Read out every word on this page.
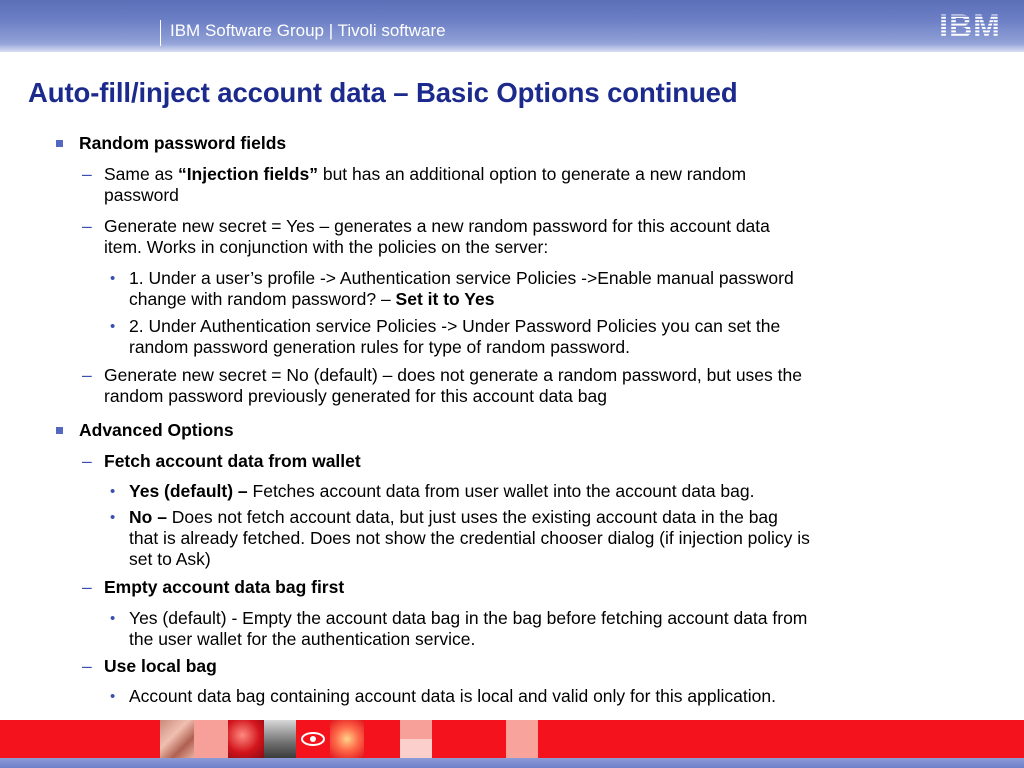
IBM Software Group | Tivoli software	IBM
Auto-fill/inject account data – Basic Options continued
Random password fields
– Same as “Injection fields” but has an additional option to generate a new random
password
– Generate new secret = Yes – generates a new random password for this account data
item. Works in conjunction with the policies on the server:
• 1. Under a user’s profile -> Authentication service Policies ->Enable manual password
change with random password? – Set it to Yes
• 2. Under Authentication service Policies -> Under Password Policies you can set the
random password generation rules for type of random password.
– Generate new secret = No (default) – does not generate a random password, but uses the
random password previously generated for this account data bag
Advanced Options
– Fetch account data from wallet
• Yes (default) – Fetches account data from user wallet into the account data bag.
• No – Does not fetch account data, but just uses the existing account data in the bag
that is already fetched. Does not show the credential chooser dialog (if injection policy is
set to Ask)
– Empty account data bag first
• Yes (default) - Empty the account data bag in the bag before fetching account data from
the user wallet for the authentication service.
– Use local bag
• Account data bag containing account data is local and valid only for this application.
